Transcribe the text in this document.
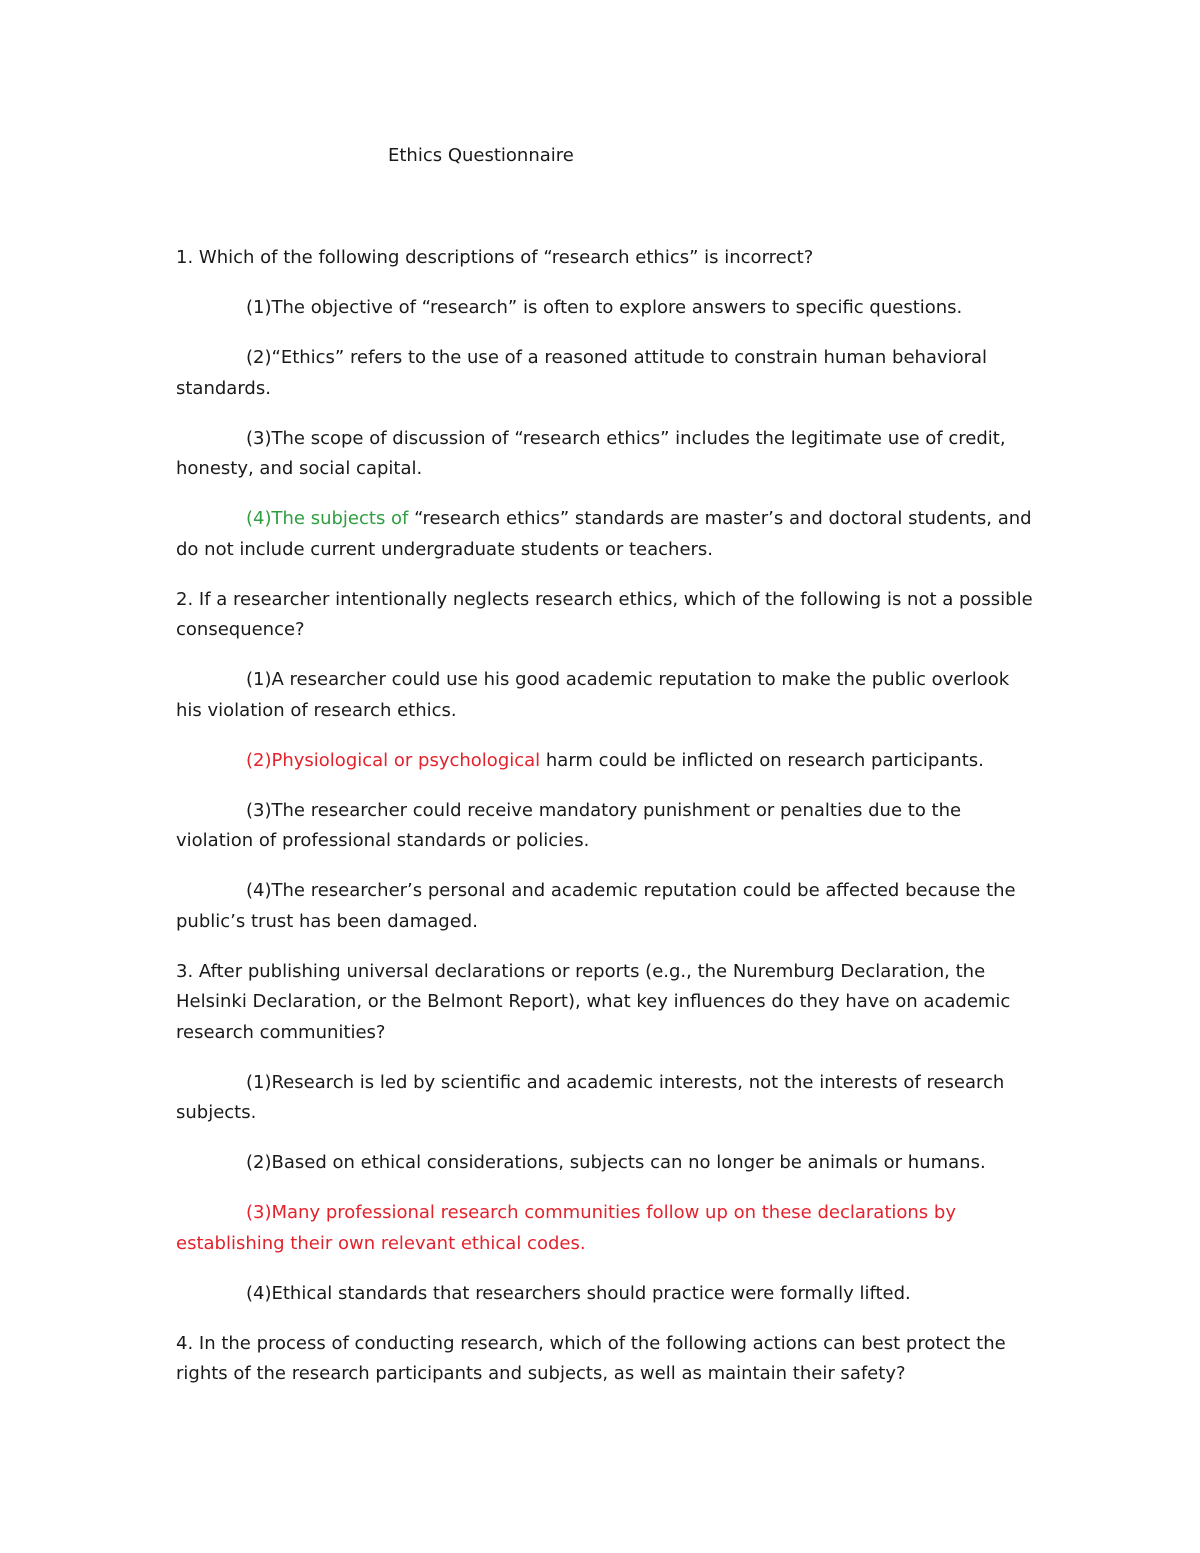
Ethics Questionnaire
1. Which of the following descriptions of “research ethics” is incorrect?
(1)The objective of “research” is often to explore answers to specific questions.
(2)“Ethics” refers to the use of a reasoned attitude to constrain human behavioral standards.
(3)The scope of discussion of “research ethics” includes the legitimate use of credit, honesty, and social capital.
(4)The subjects of “research ethics” standards are master’s and doctoral students, and do not include current undergraduate students or teachers.
2. If a researcher intentionally neglects research ethics, which of the following is not a possible consequence?
(1)A researcher could use his good academic reputation to make the public overlook his violation of research ethics.
(2)Physiological or psychological harm could be inflicted on research participants.
(3)The researcher could receive mandatory punishment or penalties due to the violation of professional standards or policies.
(4)The researcher’s personal and academic reputation could be affected because the public’s trust has been damaged.
3. After publishing universal declarations or reports (e.g., the Nuremburg Declaration, the Helsinki Declaration, or the Belmont Report), what key influences do they have on academic research communities?
(1)Research is led by scientific and academic interests, not the interests of research subjects.
(2)Based on ethical considerations, subjects can no longer be animals or humans.
(3)Many professional research communities follow up on these declarations by establishing their own relevant ethical codes.
(4)Ethical standards that researchers should practice were formally lifted.
4. In the process of conducting research, which of the following actions can best protect the rights of the research participants and subjects, as well as maintain their safety?
